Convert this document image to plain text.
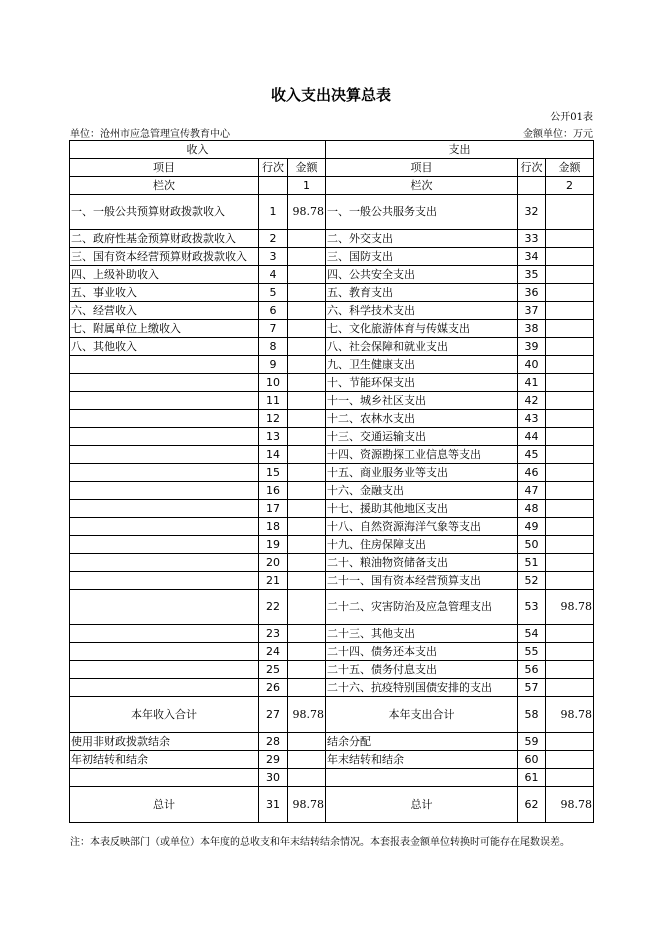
收入支出决算总表
公开01表
单位：沧州市应急管理宣传教育中心	金额单位：万元
收入			支出		
项目	行次	金额	项目	行次	金额
栏次		1	栏次		2
一、一般公共预算财政拨款收入	1	98.78	一、一般公共服务支出	32	
二、政府性基金预算财政拨款收入	2		二、外交支出	33	
三、国有资本经营预算财政拨款收入	3		三、国防支出	34	
四、上级补助收入	4		四、公共安全支出	35	
五、事业收入	5		五、教育支出	36	
六、经营收入	6		六、科学技术支出	37	
七、附属单位上缴收入	7		七、文化旅游体育与传媒支出	38	
八、其他收入	8		八、社会保障和就业支出	39	
	9		九、卫生健康支出	40	
	10		十、节能环保支出	41	
	11		十一、城乡社区支出	42	
	12		十二、农林水支出	43	
	13		十三、交通运输支出	44	
	14		十四、资源勘探工业信息等支出	45	
	15		十五、商业服务业等支出	46	
	16		十六、金融支出	47	
	17		十七、援助其他地区支出	48	
	18		十八、自然资源海洋气象等支出	49	
	19		十九、住房保障支出	50	
	20		二十、粮油物资储备支出	51	
	21		二十一、国有资本经营预算支出	52	
	22		二十二、灾害防治及应急管理支出	53	98.78
	23		二十三、其他支出	54	
	24		二十四、债务还本支出	55	
	25		二十五、债务付息支出	56	
	26		二十六、抗疫特别国债安排的支出	57	
本年收入合计	27	98.78	本年支出合计	58	98.78
使用非财政拨款结余	28		结余分配	59	
年初结转和结余	29		年末结转和结余	60	
	30			61	
总计	31	98.78	总计	62	98.78
注：本表反映部门（或单位）本年度的总收支和年末结转结余情况。本套报表金额单位转换时可能存在尾数误差。
